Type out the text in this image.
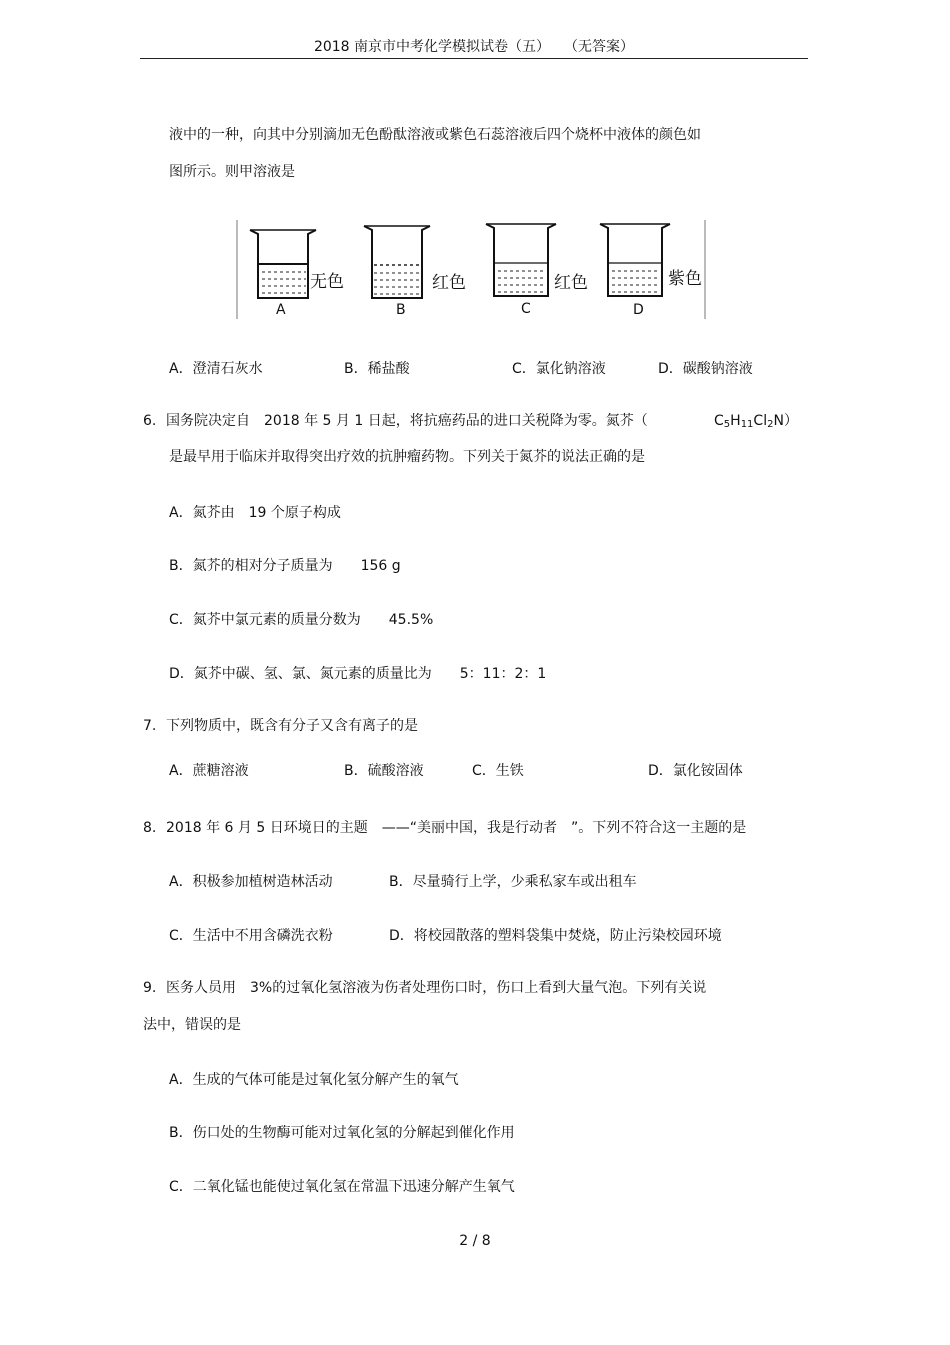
2018 南京市中考化学模拟试卷（五）　　（无答案）
液中的一种，向其中分别滴加无色酚酞溶液或紫色石蕊溶液后四个烧杯中液体的颜色如
图所示。则甲溶液是
无色
A
红色
B
红色
C
紫色
D
A．澄清石灰水	B．稀盐酸	C．氯化钠溶液	D．碳酸钠溶液
6. 国务院决定自　2018 年 5 月 1 日起，将抗癌药品的进口关税降为零。氮芥（	$C_5H_{11}Cl_2N$）
是最早用于临床并取得突出疗效的抗肿瘤药物。下列关于氮芥的说法正确的是
A．氮芥由　19 个原子构成
B．氮芥的相对分子质量为　　156 g
C．氮芥中氯元素的质量分数为　　45.5%
D．氮芥中碳、氢、氯、氮元素的质量比为　　5：11：2：1
7. 下列物质中，既含有分子又含有离子的是
A．蔗糖溶液	B．硫酸溶液	C．生铁	D．氯化铵固体
8. 2018 年 6 月 5 日环境日的主题　——“美丽中国，我是行动者　”。下列不符合这一主题的是
A．积极参加植树造林活动	B．尽量骑行上学，少乘私家车或出租车
C．生活中不用含磷洗衣粉	D．将校园散落的塑料袋集中焚烧，防止污染校园环境
9. 医务人员用　3%的过氧化氢溶液为伤者处理伤口时，伤口上看到大量气泡。下列有关说
法中，错误的是
A．生成的气体可能是过氧化氢分解产生的氧气
B．伤口处的生物酶可能对过氧化氢的分解起到催化作用
C．二氧化锰也能使过氧化氢在常温下迅速分解产生氧气
2 / 8
